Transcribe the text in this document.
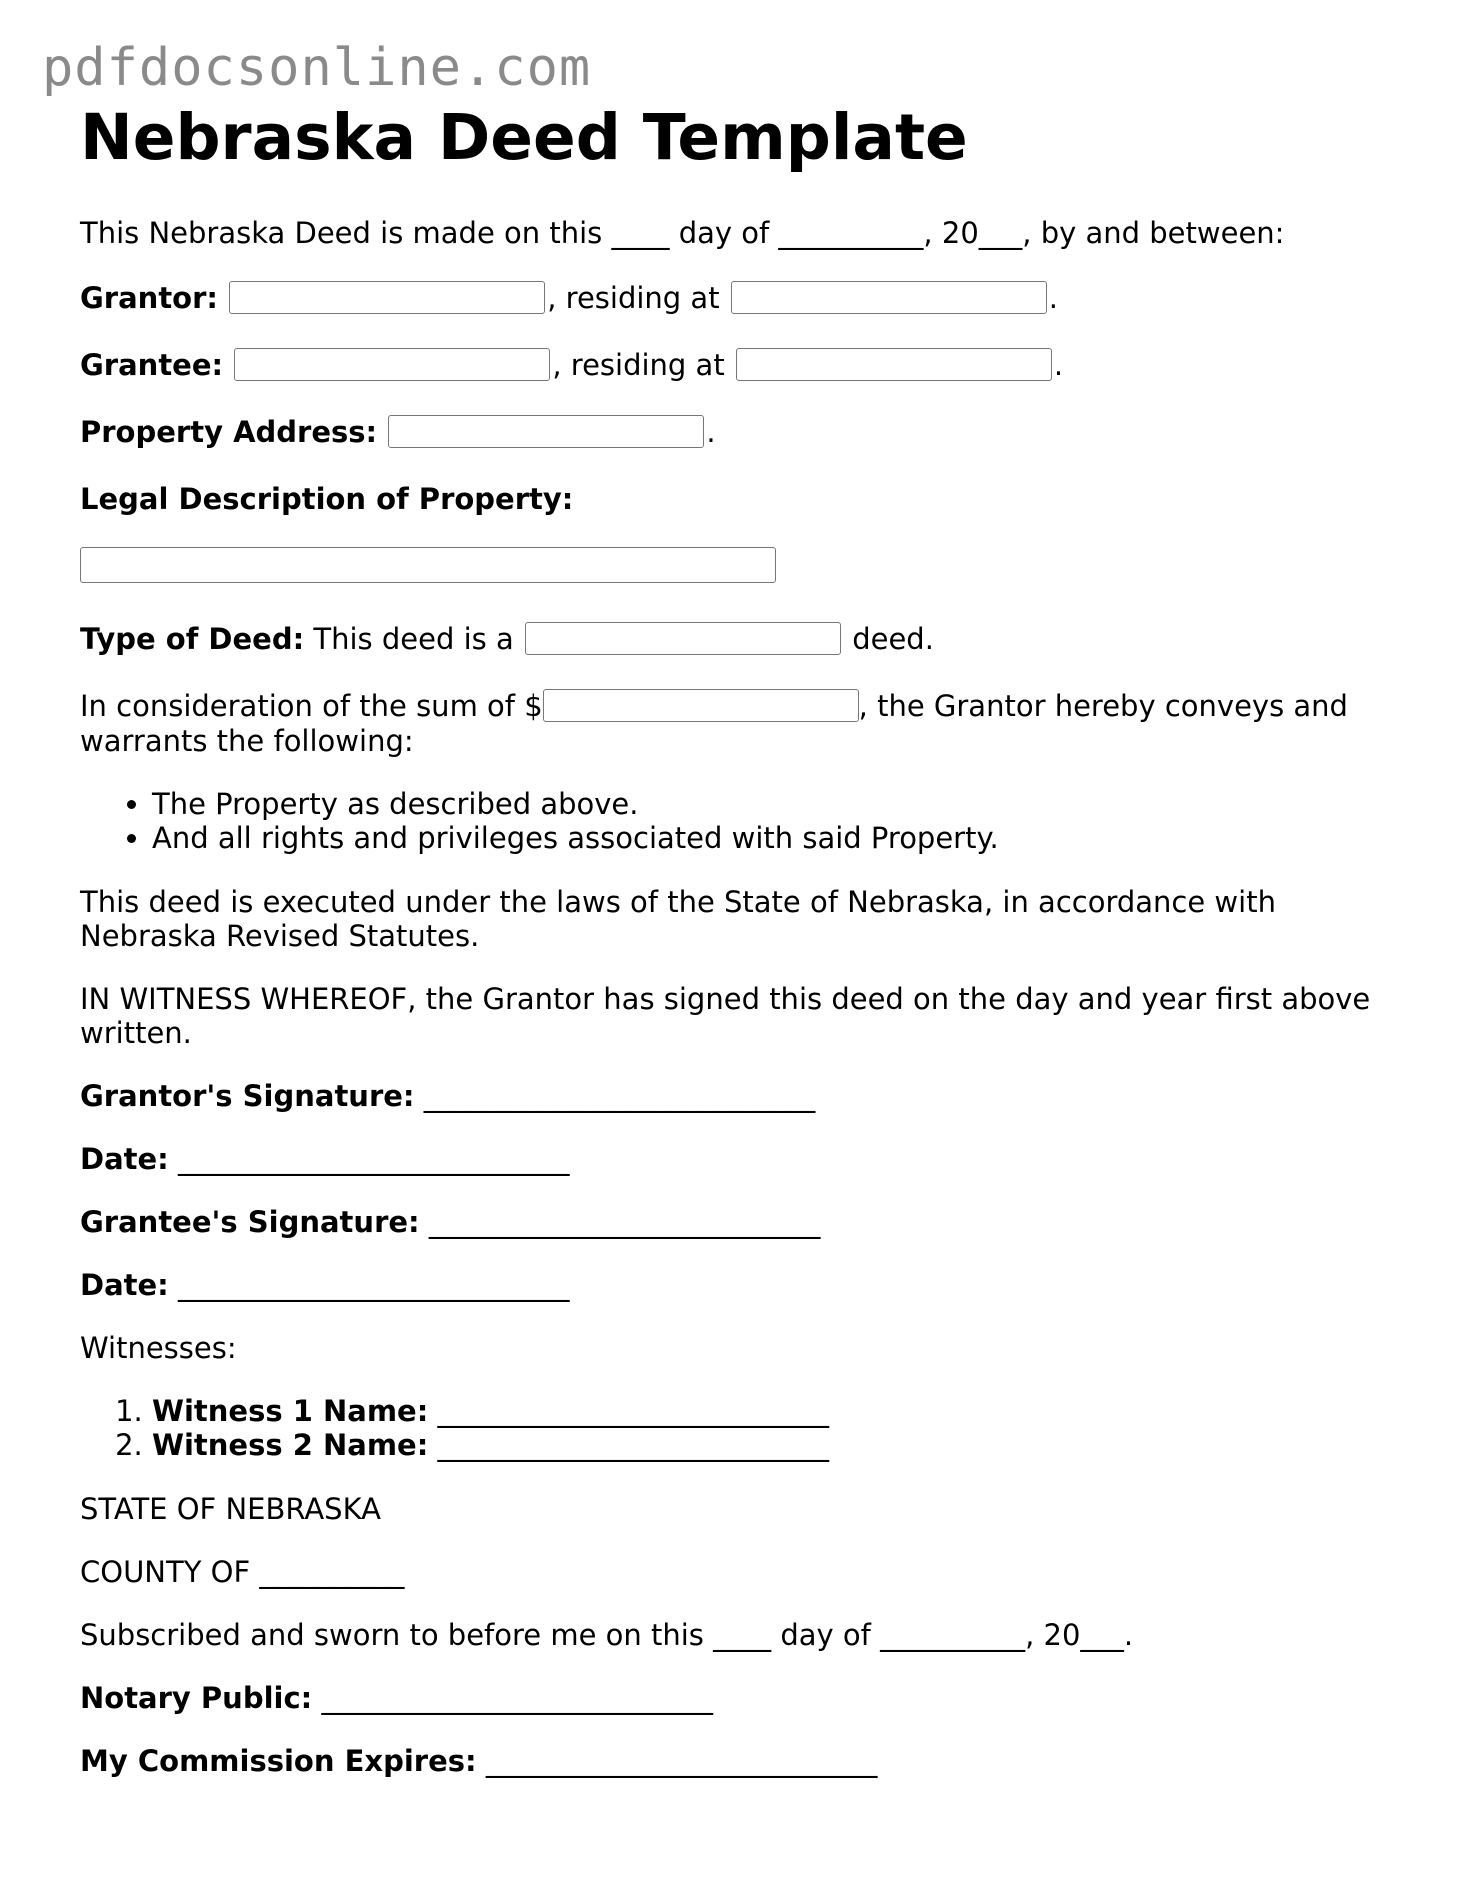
pdfdocsonline.com
Nebraska Deed Template

This Nebraska Deed is made on this ____ day of __________, 20___, by and between:

Grantor:
	, residing at
	.
Grantee:
	, residing at
	.
Property Address:
	.
Legal Description of Property:
Type of Deed:
This deed is a

	deed.
In consideration of the sum of $	, the Grantor hereby conveys and
warrants the following:
• The Property as described above.
• And all rights and privileges associated with said Property.

This deed is executed under the laws of the State of Nebraska, in accordance with Nebraska Revised Statutes.

IN WITNESS WHEREOF, the Grantor has signed this deed on the day and year first above written.

Grantor's Signature: ___________________________

Date: ___________________________

Grantee's Signature: ___________________________

Date: ___________________________

Witnesses:

1. Witness 1 Name: ___________________________
2. Witness 2 Name: ___________________________

STATE OF NEBRASKA

COUNTY OF __________

Subscribed and sworn to before me on this ____ day of __________, 20___.

Notary Public: ___________________________

My Commission Expires: ___________________________
